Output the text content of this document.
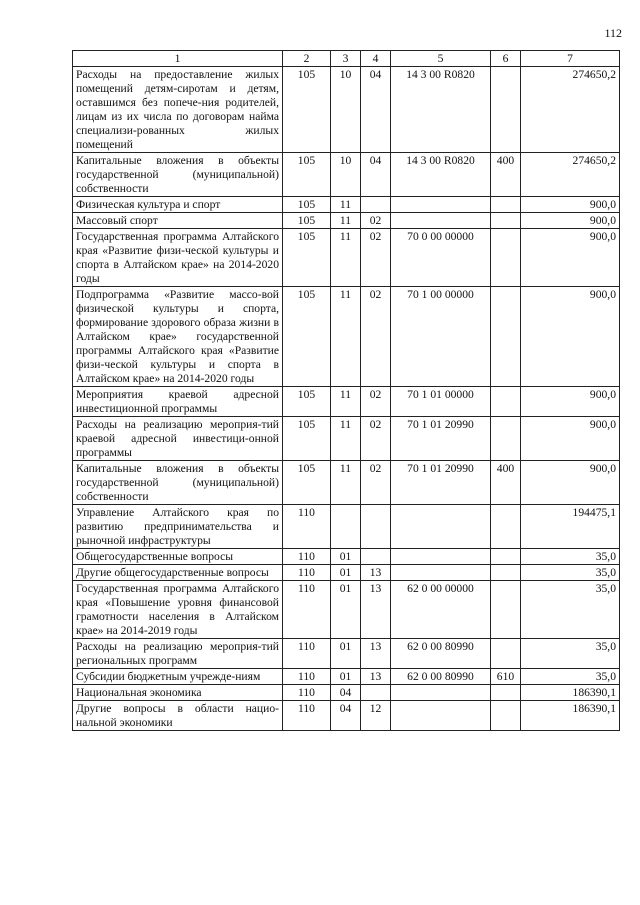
112
1	2	3	4	5	6	7
Расходы на предоставление жилых помещений детям-сиротам и детям, оставшимся без попече-ния родителей, лицам из их числа по договорам найма специализи-рованных жилых помещений	105	10	04	14 3 00 R0820		274650,2
Капитальные вложения в объекты государственной (муниципальной) собственности	105	10	04	14 3 00 R0820	400	274650,2
Физическая культура и спорт	105	11				900,0
Массовый спорт	105	11	02			900,0
Государственная программа Алтайского края «Развитие физи-ческой культуры и спорта в Алтайском крае» на 2014-2020 годы	105	11	02	70 0 00 00000		900,0
Подпрограмма «Развитие массо-вой физической культуры и спорта, формирование здорового образа жизни в Алтайском крае» государственной программы Алтайского края «Развитие физи-ческой культуры и спорта в Алтайском крае» на 2014-2020 годы	105	11	02	70 1 00 00000		900,0
Мероприятия краевой адресной инвестиционной программы	105	11	02	70 1 01 00000		900,0
Расходы на реализацию мероприя-тий краевой адресной инвестици-онной программы	105	11	02	70 1 01 20990		900,0
Капитальные вложения в объекты государственной (муниципальной) собственности	105	11	02	70 1 01 20990	400	900,0
Управление Алтайского края по развитию предпринимательства и рыночной инфраструктуры	110					194475,1
Общегосударственные вопросы	110	01				35,0
Другие общегосударственные вопросы	110	01	13			35,0
Государственная программа Алтайского края «Повышение уровня финансовой грамотности населения в Алтайском крае» на 2014-2019 годы	110	01	13	62 0 00 00000		35,0
Расходы на реализацию мероприя-тий региональных программ	110	01	13	62 0 00 80990		35,0
Субсидии бюджетным учрежде-ниям	110	01	13	62 0 00 80990	610	35,0
Национальная экономика	110	04				186390,1
Другие вопросы в области нацио-нальной экономики	110	04	12			186390,1
